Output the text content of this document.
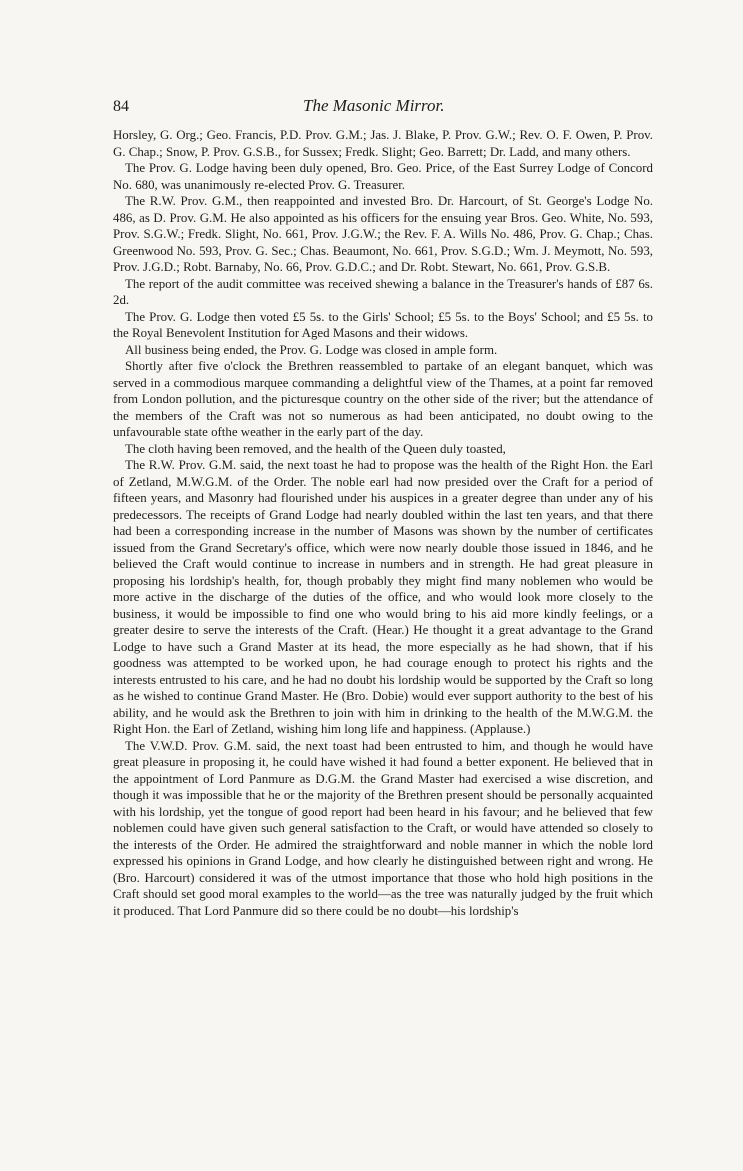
84	The Masonic Mirror.

Horsley, G. Org.; Geo. Francis, P.D. Prov. G.M.; Jas. J. Blake, P. Prov. G.W.; Rev. O. F. Owen, P. Prov. G. Chap.; Snow, P. Prov. G.S.B., for Sussex; Fredk. Slight; Geo. Barrett; Dr. Ladd, and many others.

The Prov. G. Lodge having been duly opened, Bro. Geo. Price, of the East Surrey Lodge of Concord No. 680, was unanimously re-elected Prov. G. Treasurer.

The R.W. Prov. G.M., then reappointed and invested Bro. Dr. Harcourt, of St. George's Lodge No. 486, as D. Prov. G.M. He also appointed as his officers for the ensuing year Bros. Geo. White, No. 593, Prov. S.G.W.; Fredk. Slight, No. 661, Prov. J.G.W.; the Rev. F. A. Wills No. 486, Prov. G. Chap.; Chas. Greenwood No. 593, Prov. G. Sec.; Chas. Beaumont, No. 661, Prov. S.G.D.; Wm. J. Meymott, No. 593, Prov. J.G.D.; Robt. Barnaby, No. 66, Prov. G.D.C.; and Dr. Robt. Stewart, No. 661, Prov. G.S.B.

The report of the audit committee was received shewing a balance in the Treasurer's hands of £87 6s. 2d.

The Prov. G. Lodge then voted £5 5s. to the Girls' School; £5 5s. to the Boys' School; and £5 5s. to the Royal Benevolent Institution for Aged Masons and their widows.

All business being ended, the Prov. G. Lodge was closed in ample form.

Shortly after five o'clock the Brethren reassembled to partake of an elegant banquet, which was served in a commodious marquee commanding a delightful view of the Thames, at a point far removed from London pollution, and the picturesque country on the other side of the river; but the attendance of the members of the Craft was not so numerous as had been anticipated, no doubt owing to the unfavourable state ofthe weather in the early part of the day.

The cloth having been removed, and the health of the Queen duly toasted,

The R.W. Prov. G.M. said, the next toast he had to propose was the health of the Right Hon. the Earl of Zetland, M.W.G.M. of the Order. The noble earl had now presided over the Craft for a period of fifteen years, and Masonry had flourished under his auspices in a greater degree than under any of his predecessors. The receipts of Grand Lodge had nearly doubled within the last ten years, and that there had been a corresponding increase in the number of Masons was shown by the number of certificates issued from the Grand Secretary's office, which were now nearly double those issued in 1846, and he believed the Craft would continue to increase in numbers and in strength. He had great pleasure in proposing his lordship's health, for, though probably they might find many noblemen who would be more active in the discharge of the duties of the office, and who would look more closely to the business, it would be impossible to find one who would bring to his aid more kindly feelings, or a greater desire to serve the interests of the Craft. (Hear.) He thought it a great advantage to the Grand Lodge to have such a Grand Master at its head, the more especially as he had shown, that if his goodness was attempted to be worked upon, he had courage enough to protect his rights and the interests entrusted to his care, and he had no doubt his lordship would be supported by the Craft so long as he wished to continue Grand Master. He (Bro. Dobie) would ever support authority to the best of his ability, and he would ask the Brethren to join with him in drinking to the health of the M.W.G.M. the Right Hon. the Earl of Zetland, wishing him long life and happiness. (Applause.)

The V.W.D. Prov. G.M. said, the next toast had been entrusted to him, and though he would have great pleasure in proposing it, he could have wished it had found a better exponent. He believed that in the appointment of Lord Panmure as D.G.M. the Grand Master had exercised a wise discretion, and though it was impossible that he or the majority of the Brethren present should be personally acquainted with his lordship, yet the tongue of good report had been heard in his favour; and he believed that few noblemen could have given such general satisfaction to the Craft, or would have attended so closely to the interests of the Order. He admired the straightforward and noble manner in which the noble lord expressed his opinions in Grand Lodge, and how clearly he distinguished between right and wrong. He (Bro. Harcourt) considered it was of the utmost importance that those who hold high positions in the Craft should set good moral examples to the world—as the tree was naturally judged by the fruit which it produced. That Lord Panmure did so there could be no doubt—his lordship's
